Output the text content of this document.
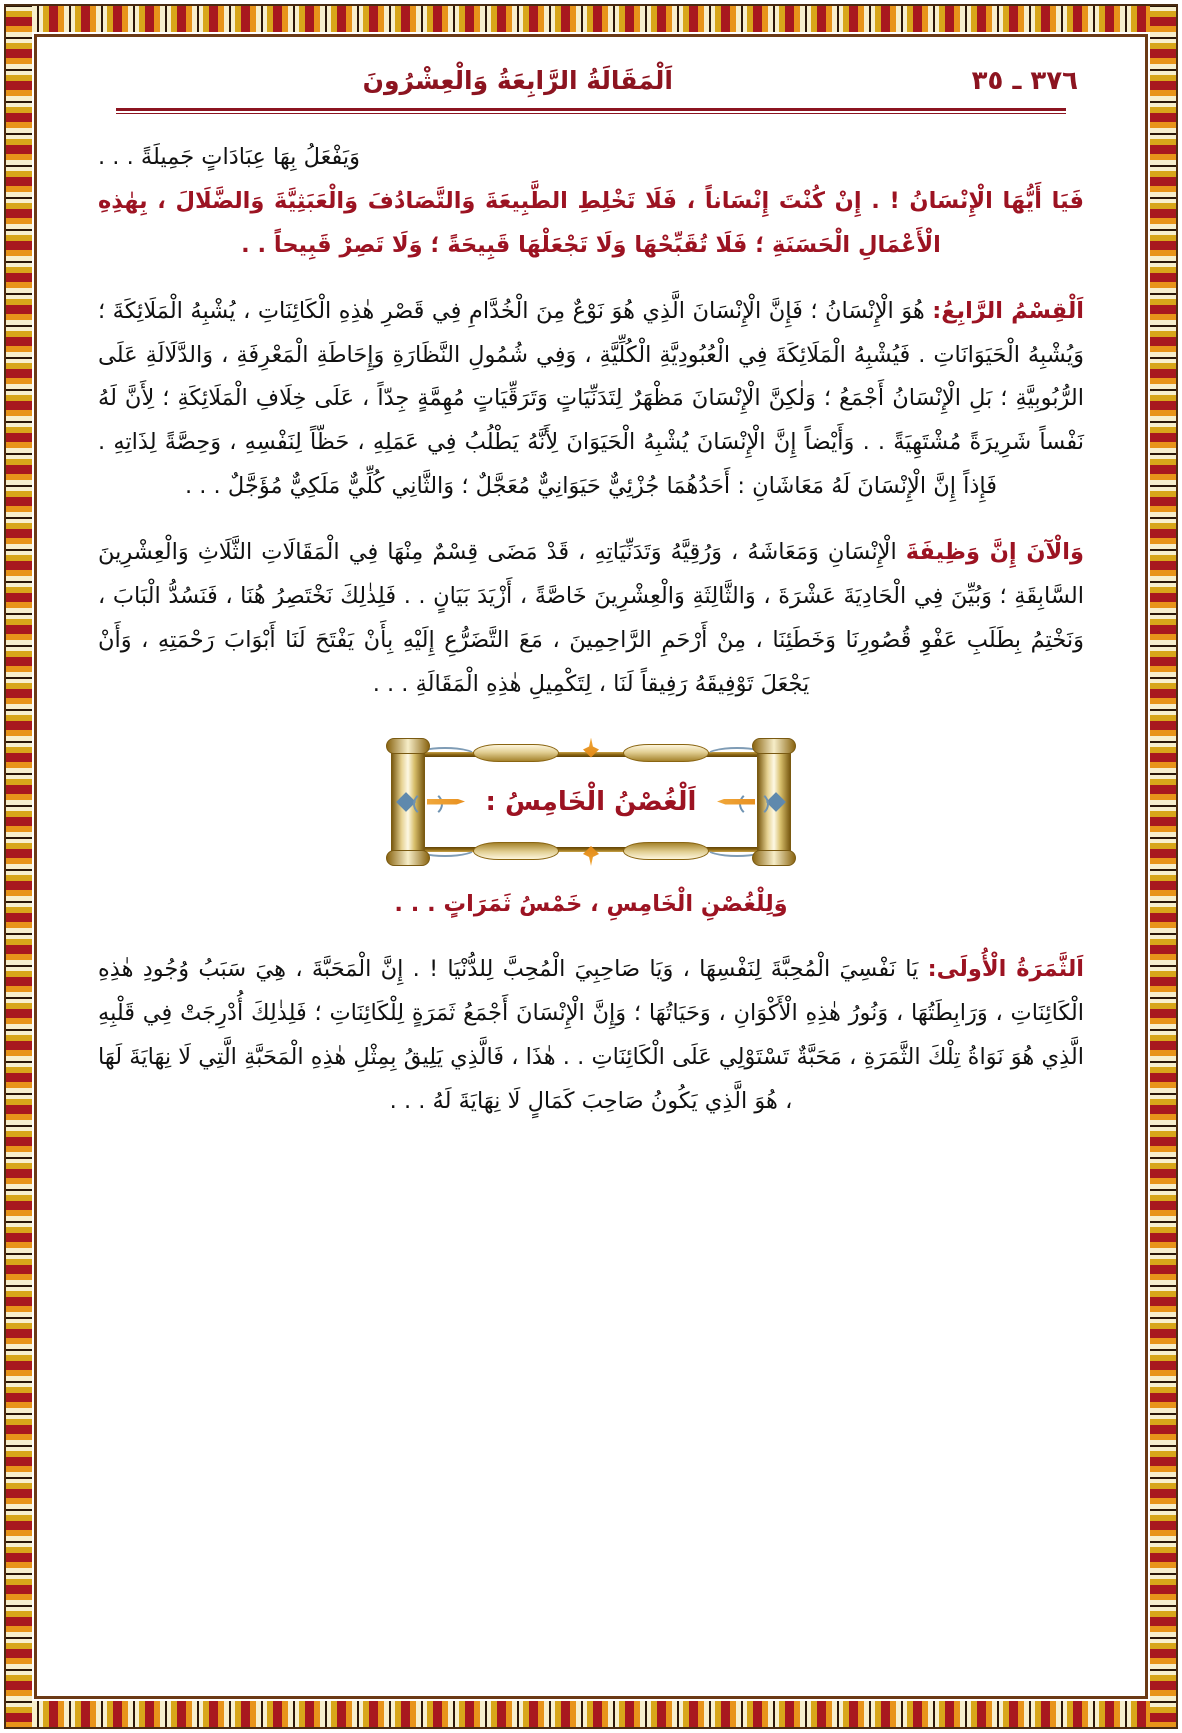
٣٧٦ ـ ٣٥
اَلْمَقَالَةُ الرَّابِعَةُ وَالْعِشْرُونَ

وَيَفْعَلُ بِهَا عِبَادَاتٍ جَمِيلَةً . . .

فَيَا أَيُّهَا الْإِنْسَانُ ! . إِنْ كُنْتَ إِنْسَاناً ، فَلَا تَخْلِطِ الطَّبِيعَةَ وَالتَّصَادُفَ وَالْعَبَثِيَّةَ وَالضَّلَالَ ، بِهٰذِهِ الْأَعْمَالِ الْحَسَنَةِ ؛ فَلَا تُقَبِّحْهَا وَلَا تَجْعَلْهَا قَبِيحَةً ؛ وَلَا تَصِرْ قَبِيحاً . .

اَلْقِسْمُ الرَّابِعُ: هُوَ الْإِنْسَانُ ؛ فَإِنَّ الْإِنْسَانَ الَّذِي هُوَ نَوْعٌ مِنَ الْخُدَّامِ فِي قَصْرِ هٰذِهِ الْكَائِنَاتِ ، يُشْبِهُ الْمَلَائِكَةَ ؛ وَيُشْبِهُ الْحَيَوَانَاتِ . فَيُشْبِهُ الْمَلَائِكَةَ فِي الْعُبُودِيَّةِ الْكُلِّيَّةِ ، وَفِي شُمُولِ النَّظَارَةِ وَإِحَاطَةِ الْمَعْرِفَةِ ، وَالدَّلَالَةِ عَلَى الرُّبُوبِيَّةِ ؛ بَلِ الْإِنْسَانُ أَجْمَعُ ؛ وَلٰكِنَّ الْإِنْسَانَ مَظْهَرٌ لِتَدَنِّيَاتٍ وَتَرَقِّيَاتٍ مُهِمَّةٍ جِدّاً ، عَلَى خِلَافِ الْمَلَائِكَةِ ؛ لِأَنَّ لَهُ نَفْساً شَرِيرَةً مُشْتَهِيَةً . . وَأَيْضاً إِنَّ الْإِنْسَانَ يُشْبِهُ الْحَيَوَانَ لِأَنَّهُ يَطْلُبُ فِي عَمَلِهِ ، حَظّاً لِنَفْسِهِ ، وَحِصَّةً لِذَاتِهِ . فَإِذاً إِنَّ الْإِنْسَانَ لَهُ مَعَاشَانِ : أَحَدُهُمَا جُزْئِيٌّ حَيَوَانِيٌّ مُعَجَّلٌ ؛ وَالثَّانِي كُلِّيٌّ مَلَكِيٌّ مُؤَجَّلٌ . . .

وَالْآنَ إِنَّ وَظِيفَةَ الْإِنْسَانِ وَمَعَاشَهُ ، وَرُقِيَّهُ وَتَدَنِّيَاتِهِ ، قَدْ مَضَى قِسْمٌ مِنْهَا فِي الْمَقَالَاتِ الثَّلَاثِ وَالْعِشْرِينَ السَّابِقَةِ ؛ وَبُيِّنَ فِي الْحَادِيَةَ عَشْرَةَ ، وَالثَّالِثَةِ وَالْعِشْرِينَ خَاصَّةً ، أَزْيَدَ بَيَانٍ . . فَلِذٰلِكَ نَخْتَصِرُ هُنَا ، فَنَسُدُّ الْبَابَ ، وَنَخْتِمُ بِطَلَبِ عَفْوِ قُصُورِنَا وَخَطَئِنَا ، مِنْ أَرْحَمِ الرَّاحِمِينَ ، مَعَ التَّضَرُّعِ إِلَيْهِ بِأَنْ يَفْتَحَ لَنَا أَبْوَابَ رَحْمَتِهِ ، وَأَنْ يَجْعَلَ تَوْفِيقَهُ رَفِيقاً لَنَا ، لِتَكْمِيلِ هٰذِهِ الْمَقَالَةِ . . .

اَلْغُصْنُ الْخَامِسُ :

وَلِلْغُصْنِ الْخَامِسِ ، خَمْسُ ثَمَرَاتٍ . . .

اَلثَّمَرَةُ الْأُولَى: يَا نَفْسِيَ الْمُحِبَّةَ لِنَفْسِهَا ، وَيَا صَاحِبِيَ الْمُحِبَّ لِلدُّنْيَا ! . إِنَّ الْمَحَبَّةَ ، هِيَ سَبَبُ وُجُودِ هٰذِهِ الْكَائِنَاتِ ، وَرَابِطَتُهَا ، وَنُورُ هٰذِهِ الْأَكْوَانِ ، وَحَيَاتُهَا ؛ وَإِنَّ الْإِنْسَانَ أَجْمَعُ ثَمَرَةٍ لِلْكَائِنَاتِ ؛ فَلِذٰلِكَ أُدْرِجَتْ فِي قَلْبِهِ الَّذِي هُوَ نَوَاةُ تِلْكَ الثَّمَرَةِ ، مَحَبَّةٌ تَسْتَوْلِي عَلَى الْكَائِنَاتِ . . هٰذَا ، فَالَّذِي يَلِيقُ بِمِثْلِ هٰذِهِ الْمَحَبَّةِ الَّتِي لَا نِهَايَةَ لَهَا ، هُوَ الَّذِي يَكُونُ صَاحِبَ كَمَالٍ لَا نِهَايَةَ لَهُ . . .
